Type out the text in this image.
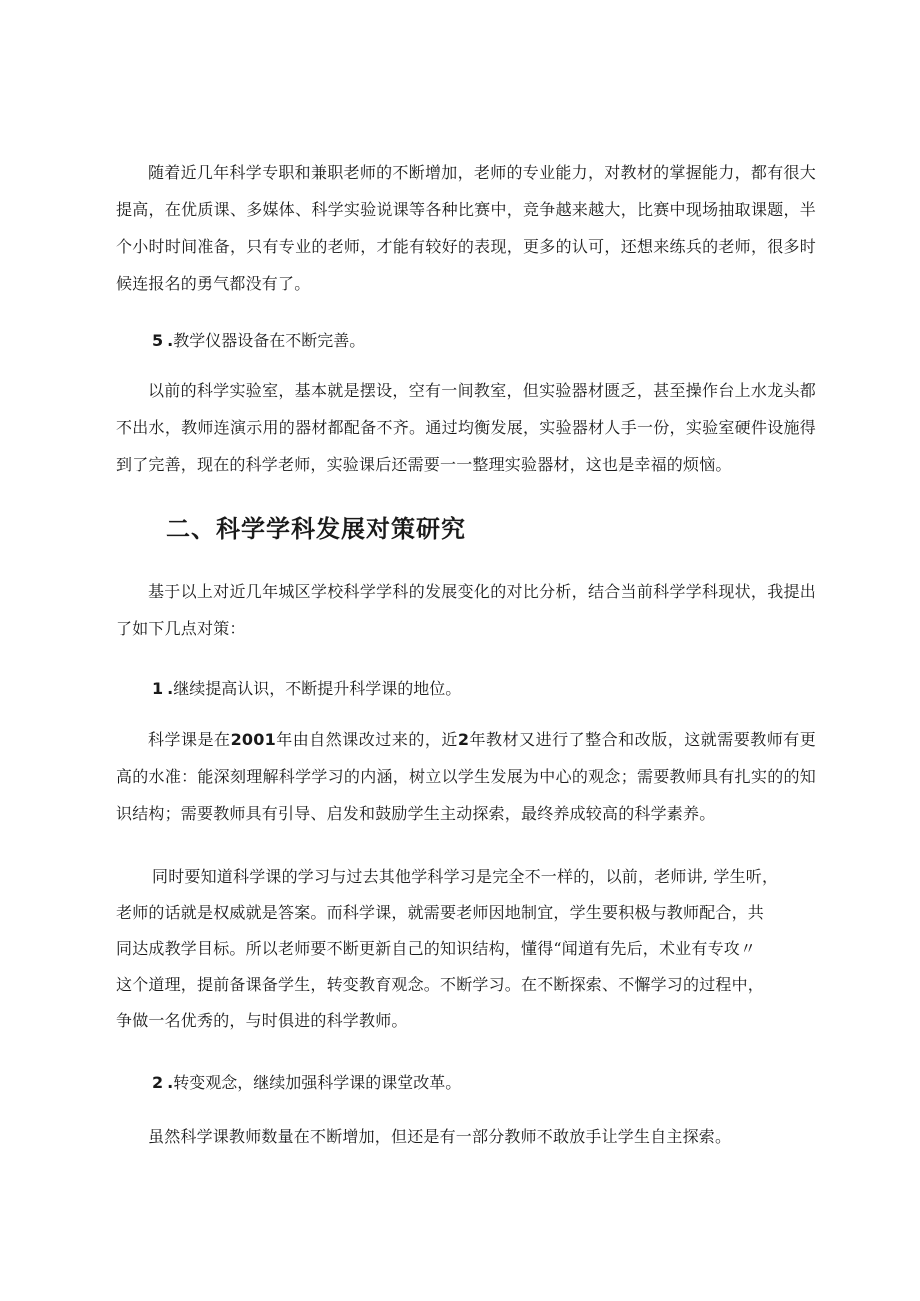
随着近几年科学专职和兼职老师的不断增加，老师的专业能力，对教材的掌握能力，都有很大提高，在优质课、多媒体、科学实验说课等各种比赛中，竞争越来越大，比赛中现场抽取课题，半个小时时间准备，只有专业的老师，才能有较好的表现，更多的认可，还想来练兵的老师，很多时候连报名的勇气都没有了。

5 .教学仪器设备在不断完善。

以前的科学实验室，基本就是摆设，空有一间教室，但实验器材匮乏，甚至操作台上水龙头都不出水，教师连演示用的器材都配备不齐。通过均衡发展，实验器材人手一份，实验室硬件设施得到了完善，现在的科学老师，实验课后还需要一一整理实验器材，这也是幸福的烦恼。

二、科学学科发展对策研究

基于以上对近几年城区学校科学学科的发展变化的对比分析，结合当前科学学科现状，我提出了如下几点对策：

1 .继续提高认识，不断提升科学课的地位。

科学课是在2001年由自然课改过来的，近2年教材又进行了整合和改版，这就需要教师有更高的水准：能深刻理解科学学习的内涵，树立以学生发展为中心的观念；需要教师具有扎实的的知识结构；需要教师具有引导、启发和鼓励学生主动探索，最终养成较高的科学素养。

同时要知道科学课的学习与过去其他学科学习是完全不一样的，以前，老师讲, 学生听，

老师的话就是权威就是答案。而科学课，就需要老师因地制宜，学生要积极与教师配合，共

同达成教学目标。所以老师要不断更新自己的知识结构，懂得“闻道有先后，术业有专攻〃

这个道理，提前备课备学生，转变教育观念。不断学习。在不断探索、不懈学习的过程中，

争做一名优秀的，与时俱进的科学教师。

2 .转变观念，继续加强科学课的课堂改革。

虽然科学课教师数量在不断增加，但还是有一部分教师不敢放手让学生自主探索。
